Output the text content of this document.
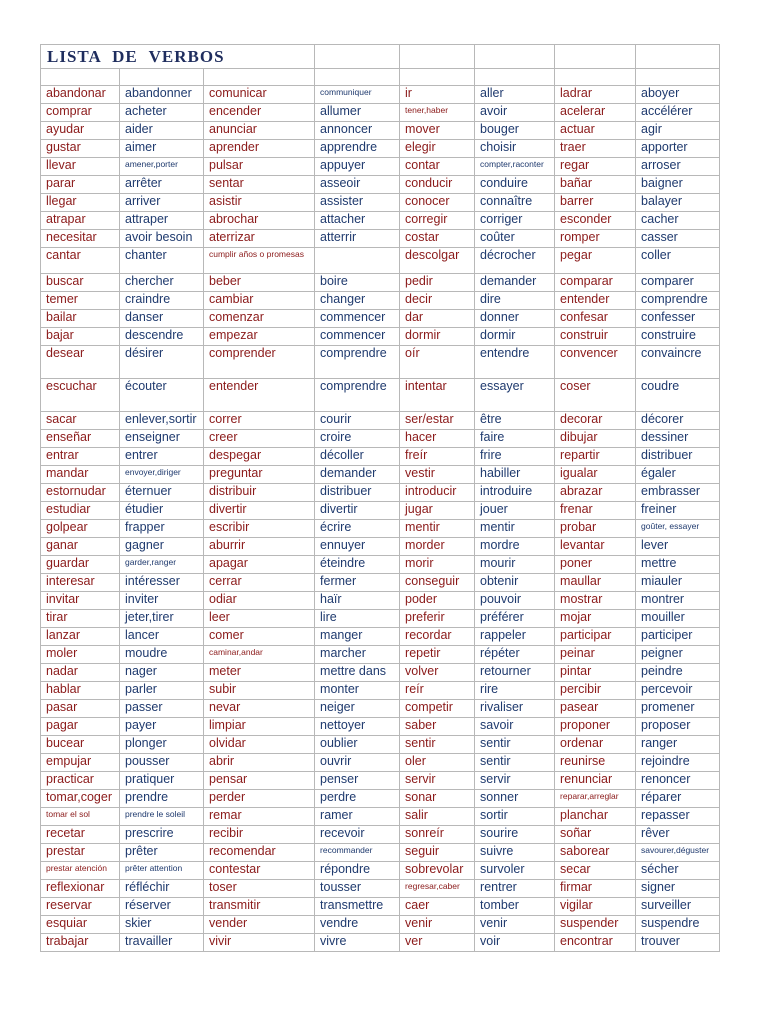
LISTA DE VERBOS							

abandonar	abandonner	comunicar	communiquer	ir	aller	ladrar	aboyer
comprar	acheter	encender	allumer	tener,haber	avoir	acelerar	accélérer
ayudar	aider	anunciar	annoncer	mover	bouger	actuar	agir
gustar	aimer	aprender	apprendre	elegir	choisir	traer	apporter
llevar	amener,porter	pulsar	appuyer	contar	compter,raconter	regar	arroser
parar	arrêter	sentar	asseoir	conducir	conduire	bañar	baigner
llegar	arriver	asistir	assister	conocer	connaître	barrer	balayer
atrapar	attraper	abrochar	attacher	corregir	corriger	esconder	cacher
necesitar	avoir besoin	aterrizar	atterrir	costar	coûter	romper	casser
cantar	chanter	cumplir años o promesas		descolgar	décrocher	pegar	coller
buscar	chercher	beber	boire	pedir	demander	comparar	comparer
temer	craindre	cambiar	changer	decir	dire	entender	comprendre
bailar	danser	comenzar	commencer	dar	donner	confesar	confesser
bajar	descendre	empezar	commencer	dormir	dormir	construir	construire
desear	désirer	comprender	comprendre	oír	entendre	convencer	convaincre
escuchar	écouter	entender	comprendre	intentar	essayer	coser	coudre
sacar	enlever,sortir	correr	courir	ser/estar	être	decorar	décorer
enseñar	enseigner	creer	croire	hacer	faire	dibujar	dessiner
entrar	entrer	despegar	décoller	freír	frire	repartir	distribuer
mandar	envoyer,diriger	preguntar	demander	vestir	habiller	igualar	égaler
estornudar	éternuer	distribuir	distribuer	introducir	introduire	abrazar	embrasser
estudiar	étudier	divertir	divertir	jugar	jouer	frenar	freiner
golpear	frapper	escribir	écrire	mentir	mentir	probar	goûter, essayer
ganar	gagner	aburrir	ennuyer	morder	mordre	levantar	lever
guardar	garder,ranger	apagar	éteindre	morir	mourir	poner	mettre
interesar	intéresser	cerrar	fermer	conseguir	obtenir	maullar	miauler
invitar	inviter	odiar	haïr	poder	pouvoir	mostrar	montrer
tirar	jeter,tirer	leer	lire	preferir	préférer	mojar	mouiller
lanzar	lancer	comer	manger	recordar	rappeler	participar	participer
moler	moudre	caminar,andar	marcher	repetir	répéter	peinar	peigner
nadar	nager	meter	mettre dans	volver	retourner	pintar	peindre
hablar	parler	subir	monter	reír	rire	percibir	percevoir
pasar	passer	nevar	neiger	competir	rivaliser	pasear	promener
pagar	payer	limpiar	nettoyer	saber	savoir	proponer	proposer
bucear	plonger	olvidar	oublier	sentir	sentir	ordenar	ranger
empujar	pousser	abrir	ouvrir	oler	sentir	reunirse	rejoindre
practicar	pratiquer	pensar	penser	servir	servir	renunciar	renoncer
tomar,coger	prendre	perder	perdre	sonar	sonner	reparar,arreglar	réparer
tomar el sol	prendre le soleil	remar	ramer	salir	sortir	planchar	repasser
recetar	prescrire	recibir	recevoir	sonreír	sourire	soñar	rêver
prestar	prêter	recomendar	recommander	seguir	suivre	saborear	savourer,déguster
prestar atención	prêter attention	contestar	répondre	sobrevolar	survoler	secar	sécher
reflexionar	réfléchir	toser	tousser	regresar,caber	rentrer	firmar	signer
reservar	réserver	transmitir	transmettre	caer	tomber	vigilar	surveiller
esquiar	skier	vender	vendre	venir	venir	suspender	suspendre
trabajar	travailler	vivir	vivre	ver	voir	encontrar	trouver
